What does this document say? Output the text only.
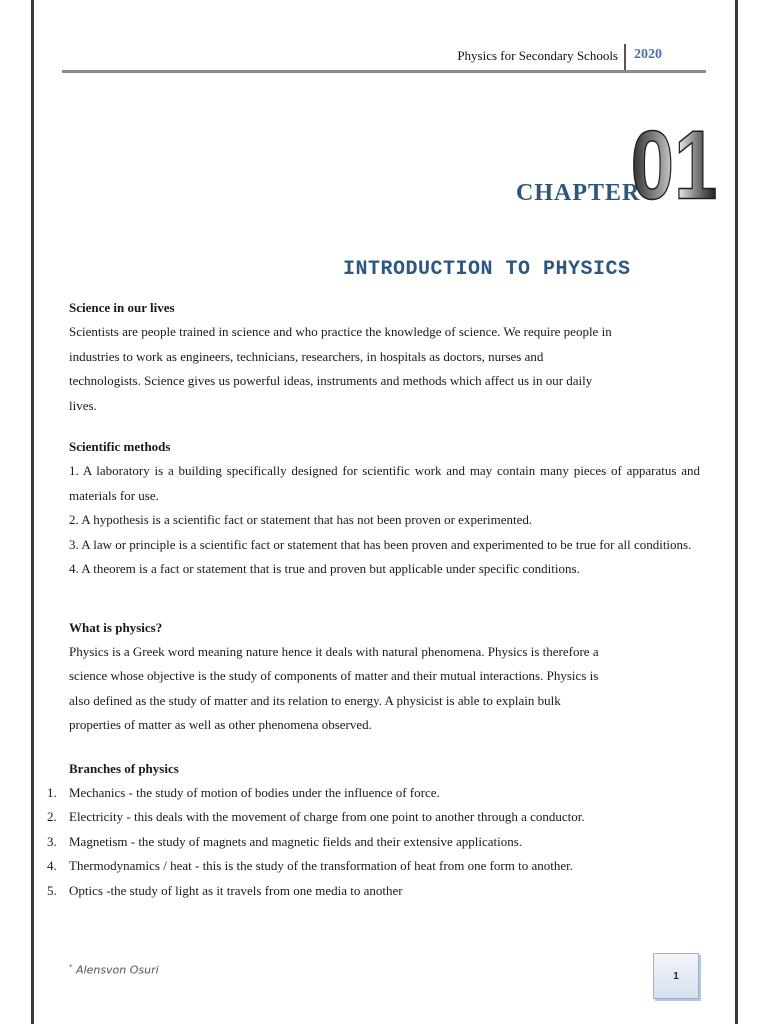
Physics for Secondary Schools 2020
CHAPTER
01
INTRODUCTION TO PHYSICS
Science in our lives

Scientists are people trained in science and who practice the knowledge of science. We require people in

industries to work as engineers, technicians, researchers, in hospitals as doctors, nurses and

technologists. Science gives us powerful ideas, instruments and methods which affect us in our daily

lives.

Scientific methods

1. A laboratory is a building specifically designed for scientific work and may contain many pieces of apparatus and materials for use.

2. A hypothesis is a scientific fact or statement that has not been proven or experimented.

3. A law or principle is a scientific fact or statement that has been proven and experimented to be true for all conditions.

4. A theorem is a fact or statement that is true and proven but applicable under specific conditions.

What is physics?

Physics is a Greek word meaning nature hence it deals with natural phenomena. Physics is therefore a

science whose objective is the study of components of matter and their mutual interactions. Physics is

also defined as the study of matter and its relation to energy. A physicist is able to explain bulk

properties of matter as well as other phenomena observed.

Branches of physics
1. Mechanics - the study of motion of bodies under the influence of force.
2. Electricity - this deals with the movement of charge from one point to another through a conductor.
3. Magnetism - the study of magnets and magnetic fields and their extensive applications.
4. Thermodynamics / heat - this is the study of the transformation of heat from one form to another.
5. Optics -the study of light as it travels from one media to another
* Alensvon Osuri	1
